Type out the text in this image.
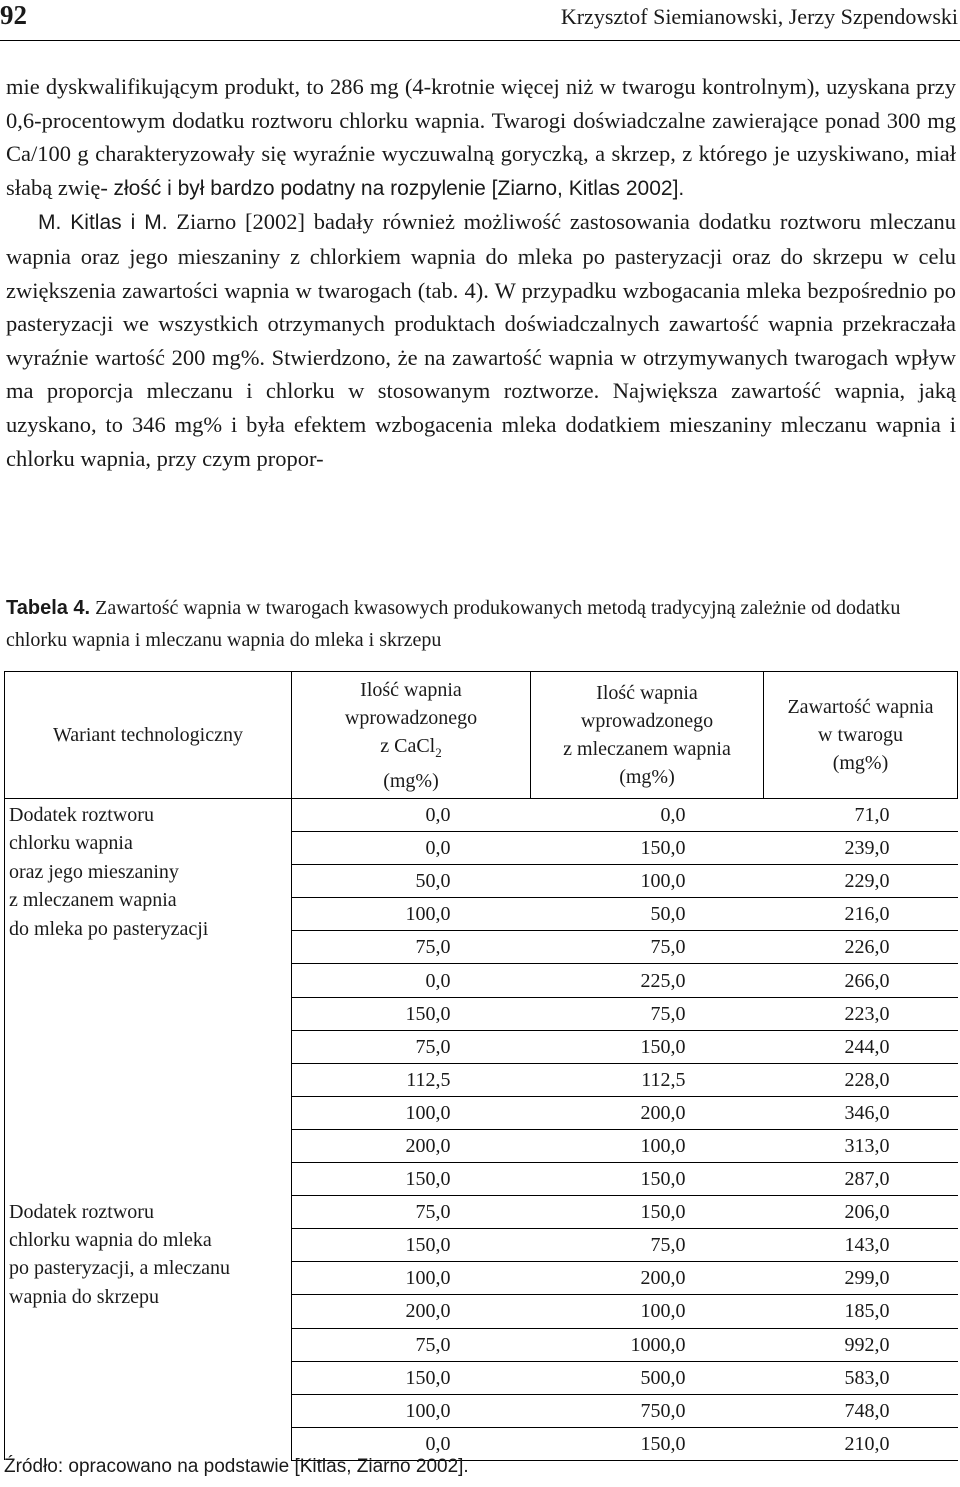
92	Krzysztof Siemianowski, Jerzy Szpendowski

mie dyskwalifikującym produkt, to 286 mg (4-krotnie więcej niż w twarogu kontrolnym), uzyskana przy 0,6-procentowym dodatku roztworu chlorku wapnia. Twarogi doświadczalne zawierające ponad 300 mg Ca/100 g charakteryzowały się wyraźnie wyczuwalną goryczką, a skrzep, z którego je uzyskiwano, miał słabą zwię- złość i był bardzo podatny na rozpylenie [Ziarno, Kitlas 2002].

M. Kitlas i M. Ziarno [2002] badały również możliwość zastosowania dodatku roztworu mleczanu wapnia oraz jego mieszaniny z chlorkiem wapnia do mleka po pasteryzacji oraz do skrzepu w celu zwiększenia zawartości wapnia w twarogach (tab. 4). W przypadku wzbogacania mleka bezpośrednio po pasteryzacji we wszystkich otrzymanych produktach doświadczalnych zawartość wapnia przekraczała wyraźnie wartość 200 mg%. Stwierdzono, że na zawartość wapnia w otrzymywanych twarogach wpływ ma proporcja mleczanu i chlorku w stosowanym roztworze. Największa zawartość wapnia, jaką uzyskano, to 346 mg% i była efektem wzbogacenia mleka dodatkiem mieszaniny mleczanu wapnia i chlorku wapnia, przy czym propor-

Tabela 4. Zawartość wapnia w twarogach kwasowych produkowanych metodą tradycyjną zależnie od dodatku chlorku wapnia i mleczanu wapnia do mleka i skrzepu
Wariant technologiczny	Ilość wapnia
wprowadzonego
z CaCl$_2$
(mg%)	Ilość wapnia
wprowadzonego
z mleczanem wapnia
(mg%)	Zawartość wapnia
w twarogu
(mg%)
Dodatek roztworu
chlorku wapnia
oraz jego mieszaniny
z mleczanem wapnia
do mleka po pasteryzacji	0,0	0,0	71,0
	0,0	150,0	239,0
	50,0	100,0	229,0
	100,0	50,0	216,0
	75,0	75,0	226,0
	0,0	225,0	266,0
	150,0	75,0	223,0
	75,0	150,0	244,0
	112,5	112,5	228,0
	100,0	200,0	346,0
	200,0	100,0	313,0
	150,0	150,0	287,0
Dodatek roztworu
chlorku wapnia do mleka
po pasteryzacji, a mleczanu
wapnia do skrzepu	75,0	150,0	206,0
	150,0	75,0	143,0
	100,0	200,0	299,0
	200,0	100,0	185,0
	75,0	1000,0	992,0
	150,0	500,0	583,0
	100,0	750,0	748,0
	0,0	150,0	210,0
Źródło: opracowano na podstawie [Kitlas, Ziarno 2002].
